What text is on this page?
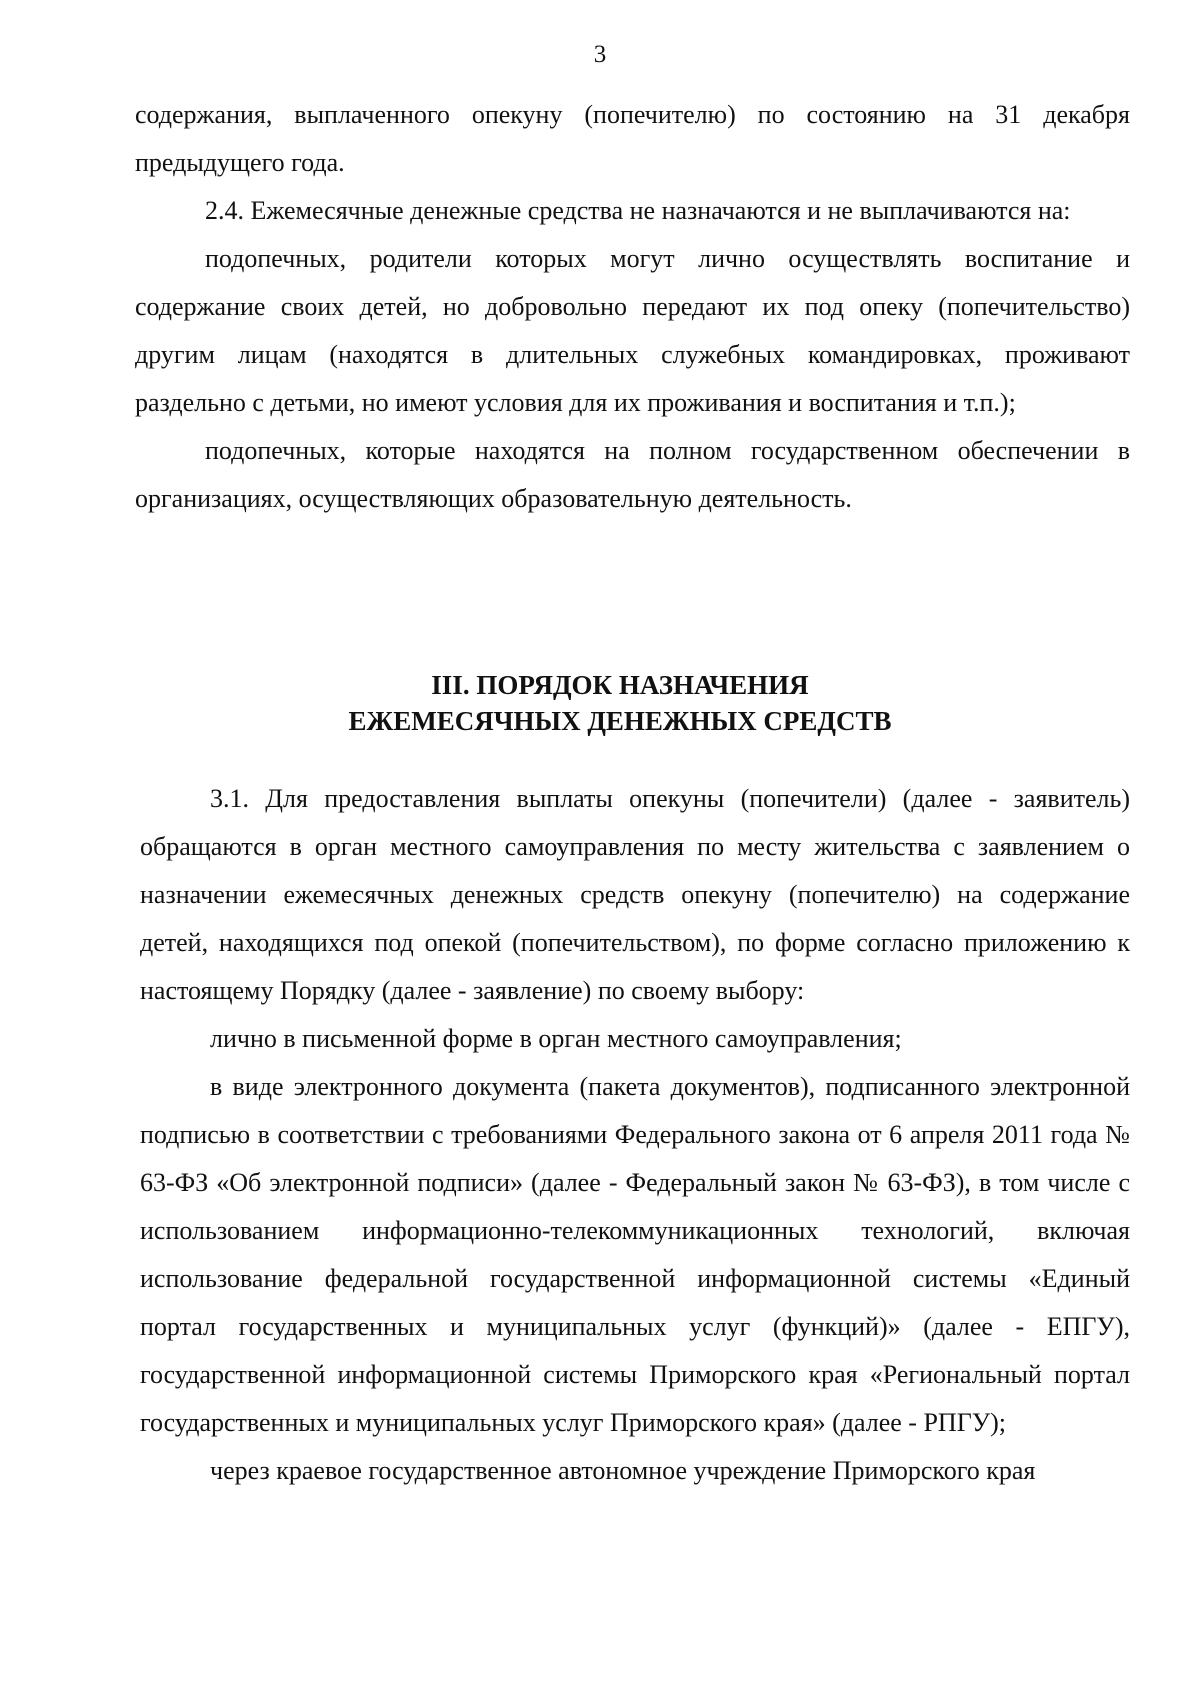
3

содержания, выплаченного опекуну (попечителю) по состоянию на 31 декабря предыдущего года.

2.4. Ежемесячные денежные средства не назначаются и не выплачиваются на:

подопечных, родители которых могут лично осуществлять воспитание и содержание своих детей, но добровольно передают их под опеку (попечительство) другим лицам (находятся в длительных служебных командировках, проживают раздельно с детьми, но имеют условия для их проживания и воспитания и т.п.);

подопечных, которые находятся на полном государственном обеспечении в организациях, осуществляющих образовательную деятельность.

III. ПОРЯДОК НАЗНАЧЕНИЯ
ЕЖЕМЕСЯЧНЫХ ДЕНЕЖНЫХ СРЕДСТВ

3.1. Для предоставления выплаты опекуны (попечители) (далее - заявитель) обращаются в орган местного самоуправления по месту жительства с заявлением о назначении ежемесячных денежных средств опекуну (попечителю) на содержание детей, находящихся под опекой (попечительством), по форме согласно приложению к настоящему Порядку (далее - заявление) по своему выбору:

лично в письменной форме в орган местного самоуправления;

в виде электронного документа (пакета документов), подписанного электронной подписью в соответствии с требованиями Федерального закона от 6 апреля 2011 года № 63-ФЗ «Об электронной подписи» (далее - Федеральный закон № 63-ФЗ), в том числе с использованием информационно-телекоммуникационных технологий, включая использование федеральной государственной информационной системы «Единый портал государственных и муниципальных услуг (функций)» (далее - ЕПГУ), государственной информационной системы Приморского края «Региональный портал государственных и муниципальных услуг Приморского края» (далее - РПГУ);

через краевое государственное автономное учреждение Приморского края
